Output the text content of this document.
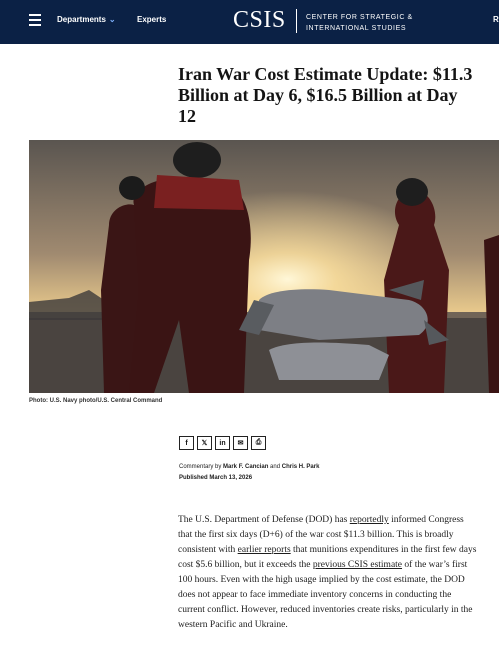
Departments ⌄	Experts	CSIS	CENTER FOR STRATEGIC &
INTERNATIONAL STUDIES
R
Iran War Cost Estimate Update: $11.3 Billion at Day 6, $16.5 Billion at Day 12
Photo: U.S. Navy photo/U.S. Central Command
f	𝕏	in	✉	⎙
Commentary by Mark F. Cancian and Chris H. Park
Published March 13, 2026

The U.S. Department of Defense (DOD) has reportedly informed Congress that the first six days (D+6) of the war cost $11.3 billion. This is broadly consistent with earlier reports that munitions expenditures in the first few days cost $5.6 billion, but it exceeds the previous CSIS estimate of the war’s first 100 hours. Even with the high usage implied by the cost estimate, the DOD does not appear to face immediate inventory concerns in conducting the current conflict. However, reduced inventories create risks, particularly in the western Pacific and Ukraine.
